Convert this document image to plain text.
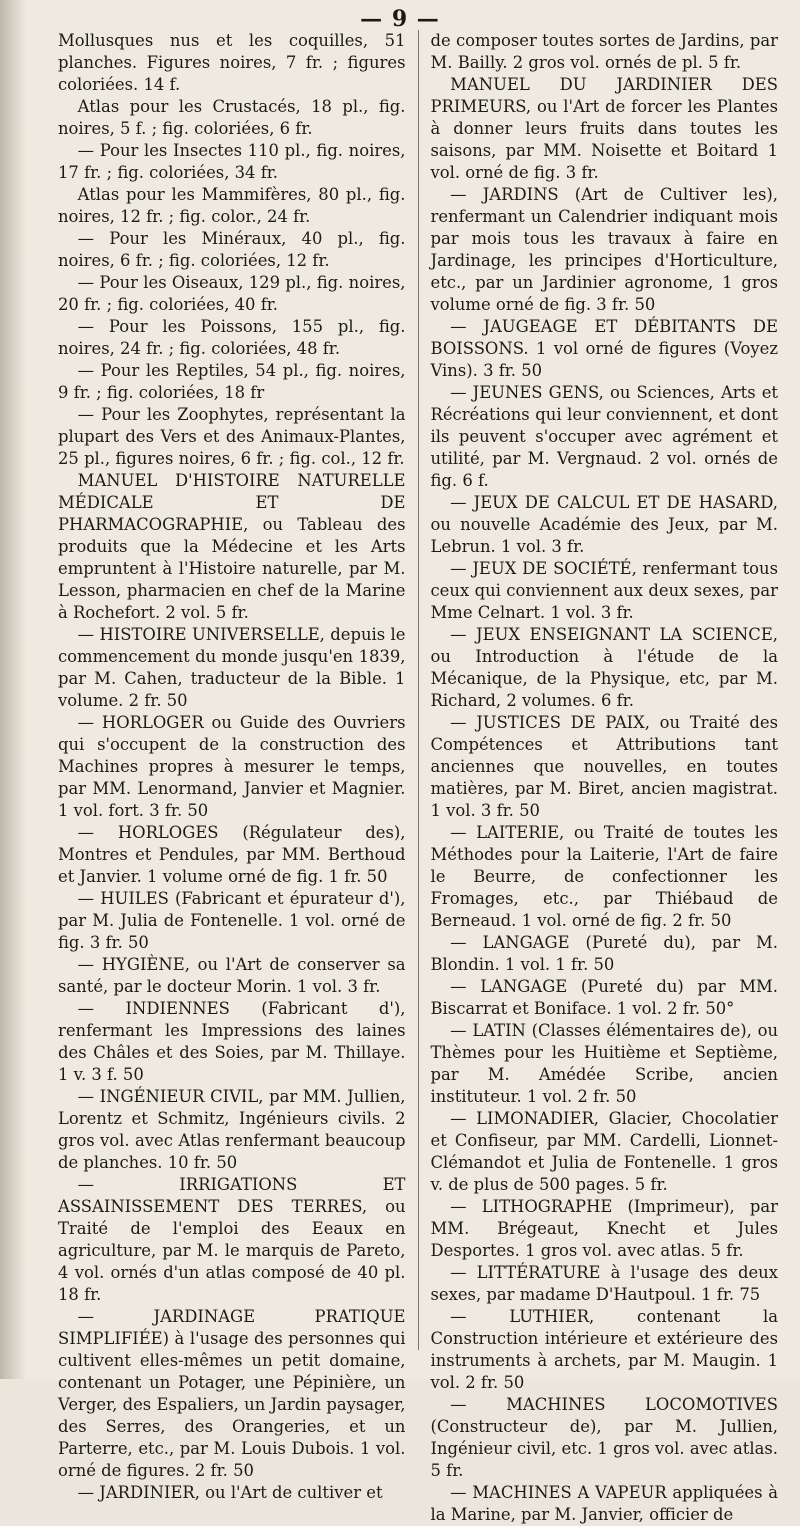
— 9 —

Mollusques nus et les coquilles, 51 planches. Figures noires, 7 fr. ; figures coloriées. 14 f.

Atlas pour les Crustacés, 18 pl., fig. noires, 5 f. ; fig. coloriées, 6 fr.

— Pour les Insectes 110 pl., fig. noires, 17 fr. ; fig. coloriées, 34 fr.

Atlas pour les Mammifères, 80 pl., fig. noires, 12 fr. ; fig. color., 24 fr.

— Pour les Minéraux, 40 pl., fig. noires, 6 fr. ; fig. coloriées, 12 fr.

— Pour les Oiseaux, 129 pl., fig. noires, 20 fr. ; fig. coloriées, 40 fr.

— Pour les Poissons, 155 pl., fig. noires, 24 fr. ; fig. coloriées, 48 fr.

— Pour les Reptiles, 54 pl., fig. noires, 9 fr. ; fig. coloriées, 18 fr

— Pour les Zoophytes, représentant la plupart des Vers et des Animaux-Plantes, 25 pl., figures noires, 6 fr. ; fig. col., 12 fr.

MANUEL D'HISTOIRE NATURELLE MÉDICALE ET DE PHARMACOGRAPHIE, ou Tableau des produits que la Médecine et les Arts empruntent à l'Histoire naturelle, par M. Lesson, pharmacien en chef de la Marine à Rochefort. 2 vol. 5 fr.

— HISTOIRE UNIVERSELLE, depuis le commencement du monde jusqu'en 1839, par M. Cahen, traducteur de la Bible. 1 volume. 2 fr. 50

— HORLOGER ou Guide des Ouvriers qui s'occupent de la construction des Machines propres à mesurer le temps, par MM. Lenormand, Janvier et Magnier. 1 vol. fort. 3 fr. 50

— HORLOGES (Régulateur des), Montres et Pendules, par MM. Berthoud et Janvier. 1 volume orné de fig. 1 fr. 50

— HUILES (Fabricant et épurateur d'), par M. Julia de Fontenelle. 1 vol. orné de fig. 3 fr. 50

— HYGIÈNE, ou l'Art de conserver sa santé, par le docteur Morin. 1 vol. 3 fr.

— INDIENNES (Fabricant d'), renfermant les Impressions des laines des Châles et des Soies, par M. Thillaye. 1 v. 3 f. 50

— INGÉNIEUR CIVIL, par MM. Jullien, Lorentz et Schmitz, Ingénieurs civils. 2 gros vol. avec Atlas renfermant beaucoup de planches. 10 fr. 50

— IRRIGATIONS ET ASSAINISSEMENT DES TERRES, ou Traité de l'emploi des Eeaux en agriculture, par M. le marquis de Pareto, 4 vol. ornés d'un atlas composé de 40 pl. 18 fr.

— JARDINAGE PRATIQUE SIMPLIFIÉE) à l'usage des personnes qui cultivent elles-mêmes un petit domaine, contenant un Potager, une Pépinière, un Verger, des Espaliers, un Jardin paysager, des Serres, des Orangeries, et un Parterre, etc., par M. Louis Dubois. 1 vol. orné de figures. 2 fr. 50

— JARDINIER, ou l'Art de cultiver et

de composer toutes sortes de Jardins, par M. Bailly. 2 gros vol. ornés de pl. 5 fr.

MANUEL DU JARDINIER DES PRIMEURS, ou l'Art de forcer les Plantes à donner leurs fruits dans toutes les saisons, par MM. Noisette et Boitard 1 vol. orné de fig. 3 fr.

— JARDINS (Art de Cultiver les), renfermant un Calendrier indiquant mois par mois tous les travaux à faire en Jardinage, les principes d'Horticulture, etc., par un Jardinier agronome, 1 gros volume orné de fig. 3 fr. 50

— JAUGEAGE ET DÉBITANTS DE BOISSONS. 1 vol orné de figures (Voyez Vins). 3 fr. 50

— JEUNES GENS, ou Sciences, Arts et Récréations qui leur conviennent, et dont ils peuvent s'occuper avec agrément et utilité, par M. Vergnaud. 2 vol. ornés de fig. 6 f.

— JEUX DE CALCUL ET DE HASARD, ou nouvelle Académie des Jeux, par M. Lebrun. 1 vol. 3 fr.

— JEUX DE SOCIÉTÉ, renfermant tous ceux qui conviennent aux deux sexes, par Mme Celnart. 1 vol. 3 fr.

— JEUX ENSEIGNANT LA SCIENCE, ou Introduction à l'étude de la Mécanique, de la Physique, etc, par M. Richard, 2 volumes. 6 fr.

— JUSTICES DE PAIX, ou Traité des Compétences et Attributions tant anciennes que nouvelles, en toutes matières, par M. Biret, ancien magistrat. 1 vol. 3 fr. 50

— LAITERIE, ou Traité de toutes les Méthodes pour la Laiterie, l'Art de faire le Beurre, de confectionner les Fromages, etc., par Thiébaud de Berneaud. 1 vol. orné de fig. 2 fr. 50

— LANGAGE (Pureté du), par M. Blondin. 1 vol. 1 fr. 50

— LANGAGE (Pureté du) par MM. Biscarrat et Boniface. 1 vol. 2 fr. 50°

— LATIN (Classes élémentaires de), ou Thèmes pour les Huitième et Septième, par M. Amédée Scribe, ancien instituteur. 1 vol. 2 fr. 50

— LIMONADIER, Glacier, Chocolatier et Confiseur, par MM. Cardelli, Lionnet-Clémandot et Julia de Fontenelle. 1 gros v. de plus de 500 pages. 5 fr.

— LITHOGRAPHE (Imprimeur), par MM. Brégeaut, Knecht et Jules Desportes. 1 gros vol. avec atlas. 5 fr.

— LITTÉRATURE à l'usage des deux sexes, par madame D'Hautpoul. 1 fr. 75

— LUTHIER, contenant la Construction intérieure et extérieure des instruments à archets, par M. Maugin. 1 vol. 2 fr. 50

— MACHINES LOCOMOTIVES (Constructeur de), par M. Jullien, Ingénieur civil, etc. 1 gros vol. avec atlas. 5 fr.

— MACHINES A VAPEUR appliquées à la Marine, par M. Janvier, officier de
